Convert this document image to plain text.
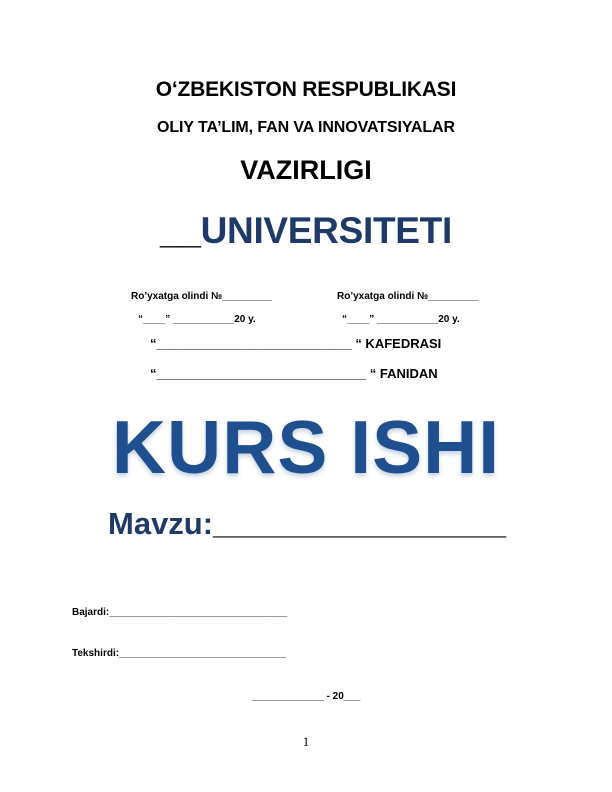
O‘ZBEKISTON RESPUBLIKASI
OLIY TA’LIM, FAN VA INNOVATSIYALAR
VAZIRLIGI
__UNIVERSITETI
Ro’yxatga olindi №_________
“____” ___________20 y.
Ro’yxatga olindi №_________
“____” ___________20 y.
“___________________________ “ KAFEDRASI
“_____________________________ “ FANIDAN
KURS ISHI
Mavzu:_________________
Bajardi:________________________________
Tekshirdi:______________________________
_____________ - 20___
1
